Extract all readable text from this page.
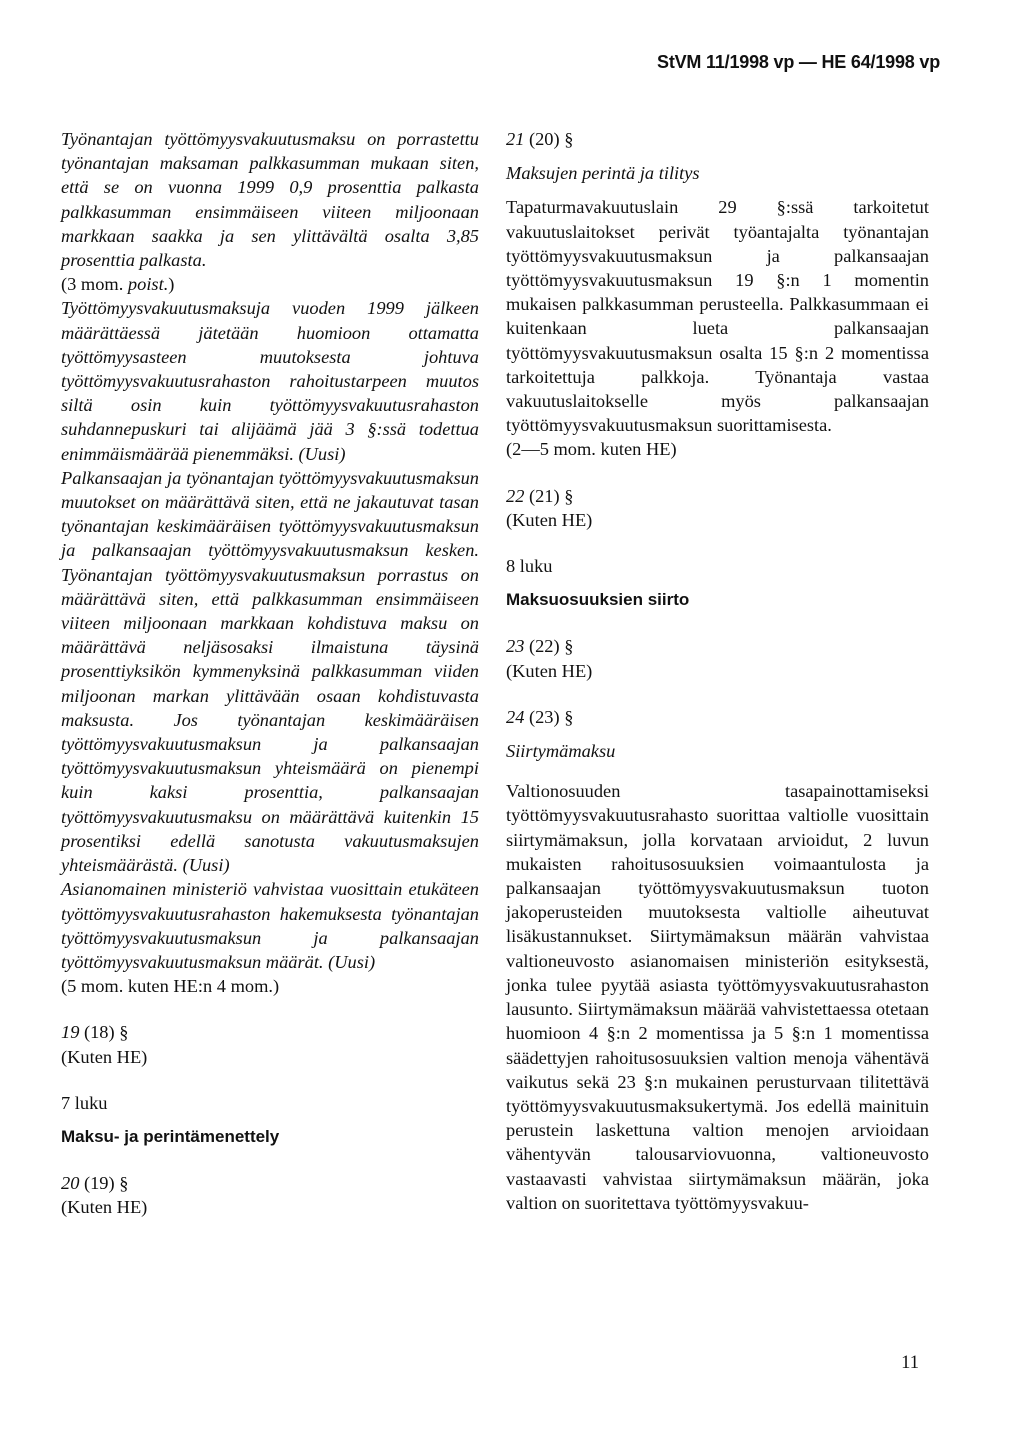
StVM 11/1998 vp — HE 64/1998 vp

Työnantajan työttömyysvakuutusmaksu on porrastettu työnantajan maksaman palkkasumman mukaan siten, että se on vuonna 1999 0,9 prosenttia palkasta palkkasumman ensimmäiseen viiteen miljoonaan markkaan saakka ja sen ylittävältä osalta 3,85 prosenttia palkasta.

(3 mom. poist.)

Työttömyysvakuutusmaksuja vuoden 1999 jälkeen määrättäessä jätetään huomioon ottamatta työttömyysasteen muutoksesta johtuva työttömyysvakuutusrahaston rahoitustarpeen muutos siltä osin kuin työttömyysvakuutusrahaston suhdannepuskuri tai alijäämä jää 3 §:ssä todettua enimmäismäärää pienemmäksi. (Uusi)

Palkansaajan ja työnantajan työttömyysvakuutusmaksun muutokset on määrättävä siten, että ne jakautuvat tasan työnantajan keskimääräisen työttömyysvakuutusmaksun ja palkansaajan työttömyysvakuutusmaksun kesken. Työnantajan työttömyysvakuutusmaksun porrastus on määrättävä siten, että palkkasumman ensimmäiseen viiteen miljoonaan markkaan kohdistuva maksu on määrättävä neljäsosaksi ilmaistuna täysinä prosenttiyksikön kymmenyksinä palkkasumman viiden miljoonan markan ylittävään osaan kohdistuvasta maksusta. Jos työnantajan keskimääräisen työttömyysvakuutusmaksun ja palkansaajan työttömyysvakuutusmaksun yhteismäärä on pienempi kuin kaksi prosenttia, palkansaajan työttömyysvakuutusmaksu on määrättävä kuitenkin 15 prosentiksi edellä sanotusta vakuutusmaksujen yhteismäärästä. (Uusi)

Asianomainen ministeriö vahvistaa vuosittain etukäteen työttömyysvakuutusrahaston hakemuksesta työnantajan työttömyysvakuutusmaksun ja palkansaajan työttömyysvakuutusmaksun määrät. (Uusi)

(5 mom. kuten HE:n 4 mom.)

19 (18) §

(Kuten HE)

7 luku

Maksu- ja perintämenettely

20 (19) §

(Kuten HE)

21 (20) §

Maksujen perintä ja tilitys

Tapaturmavakuutuslain 29 §:ssä tarkoitetut vakuutuslaitokset perivät työantajalta työnantajan työttömyysvakuutusmaksun ja palkansaajan työttömyysvakuutusmaksun 19 §:n 1 momentin mukaisen palkkasumman perusteella. Palkkasummaan ei kuitenkaan lueta palkansaajan työttömyysvakuutusmaksun osalta 15 §:n 2 momentissa tarkoitettuja palkkoja. Työnantaja vastaa vakuutuslaitokselle myös palkansaajan työttömyysvakuutusmaksun suorittamisesta.

(2—5 mom. kuten HE)

22 (21) §

(Kuten HE)

8 luku

Maksuosuuksien siirto

23 (22) §

(Kuten HE)

24 (23) §

Siirtymämaksu

Valtionosuuden tasapainottamiseksi työttömyysvakuutusrahasto suorittaa valtiolle vuosittain siirtymämaksun, jolla korvataan arvioidut, 2 luvun mukaisten rahoitusosuuksien voimaantulosta ja palkansaajan työttömyysvakuutusmaksun tuoton jakoperusteiden muutoksesta valtiolle aiheutuvat lisäkustannukset. Siirtymämaksun määrän vahvistaa valtioneuvosto asianomaisen ministeriön esityksestä, jonka tulee pyytää asiasta työttömyysvakuutusrahaston lausunto. Siirtymämaksun määrää vahvistettaessa otetaan huomioon 4 §:n 2 momentissa ja 5 §:n 1 momentissa säädettyjen rahoitusosuuksien valtion menoja vähentävä vaikutus sekä 23 §:n mukainen perusturvaan tilitettävä työttömyysvakuutusmaksukertymä. Jos edellä mainituin perustein laskettuna valtion menojen arvioidaan vähentyvän talousarviovuonna, valtioneuvosto vastaavasti vahvistaa siirtymämaksun määrän, joka valtion on suoritettava työttömyysvakuu-

11
